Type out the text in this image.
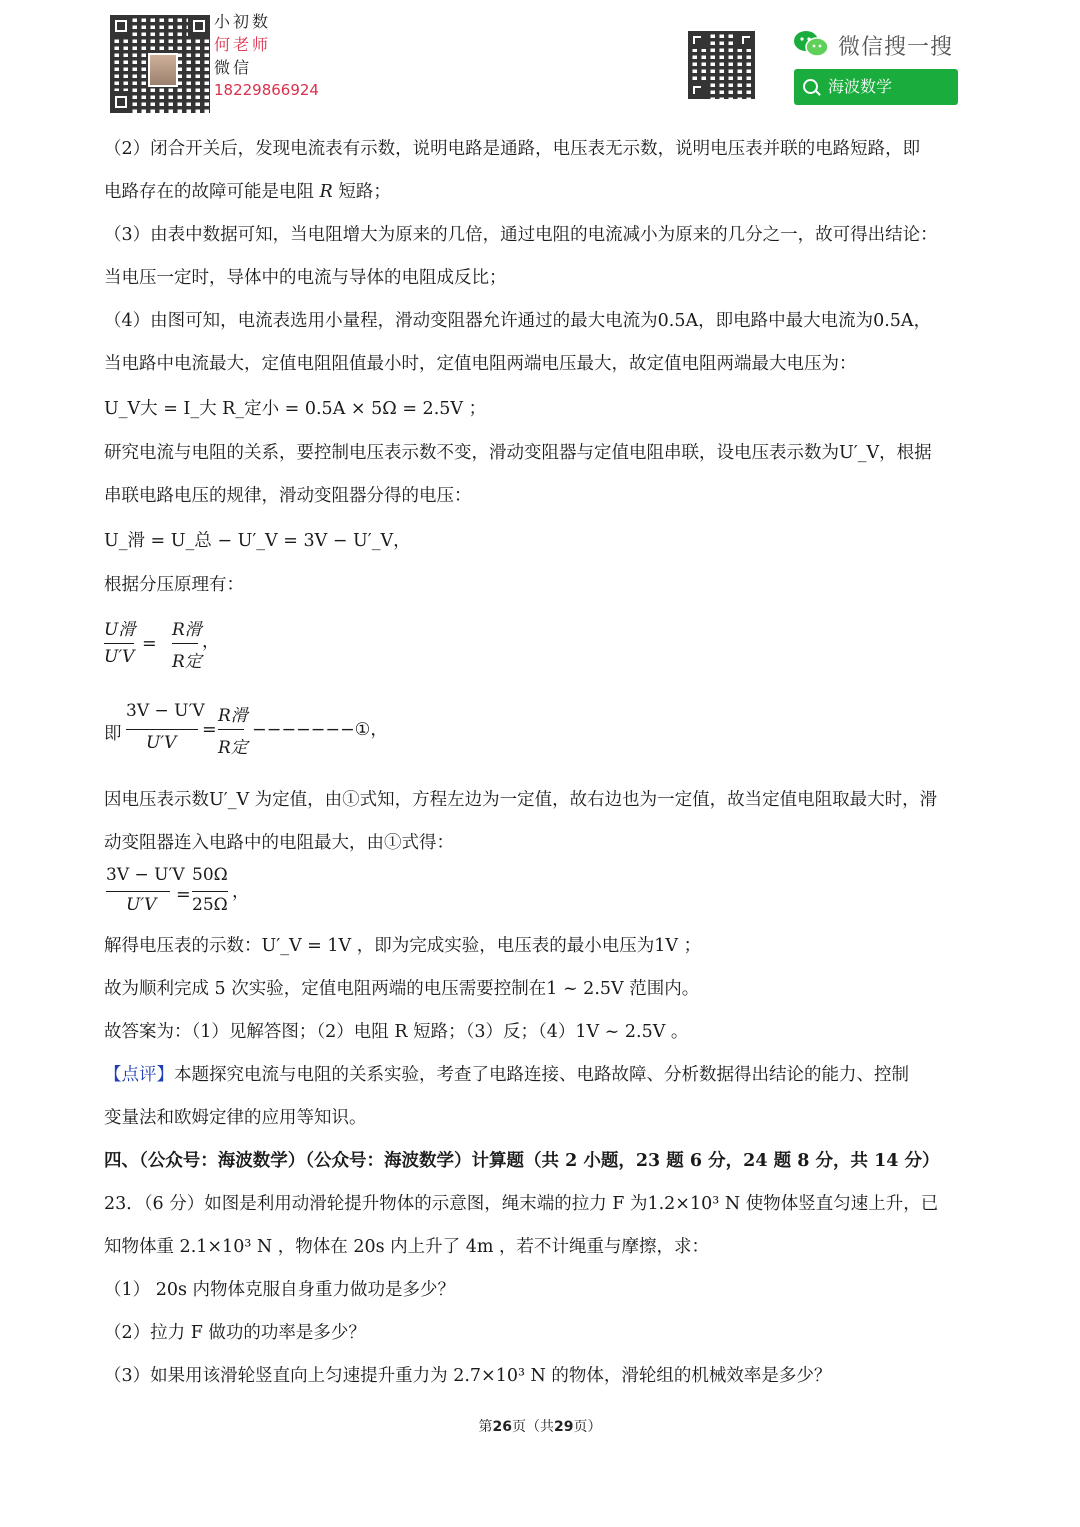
小初数
何老师
微信
18229866924
微信搜一搜
海波数学

（2）闭合开关后，发现电流表有示数，说明电路是通路，电压表无示数，说明电压表并联的电路短路，即

电路存在的故障可能是电阻 R 短路；

（3）由表中数据可知，当电阻增大为原来的几倍，通过电阻的电流减小为原来的几分之一，故可得出结论：

当电压一定时，导体中的电流与导体的电阻成反比；

（4）由图可知，电流表选用小量程，滑动变阻器允许通过的最大电流为0.5A，即电路中最大电流为0.5A，

当电路中电流最大，定值电阻阻值最小时，定值电阻两端电压最大，故定值电阻两端最大电压为：

U_V大 = I_大 R_定小 = 0.5A × 5Ω = 2.5V ；

研究电流与电阻的关系，要控制电压表示数不变，滑动变阻器与定值电阻串联，设电压表示数为U′_V，根据

串联电路电压的规律，滑动变阻器分得的电压：

U_滑 = U_总 − U′_V = 3V − U′_V，

根据分压原理有：

U滑
U′V
=
R滑
R定
，
即
3V − U′V
U′V
=
R滑
R定
−−−−−−−①，

因电压表示数U′_V 为定值，由①式知，方程左边为一定值，故右边也为一定值，故当定值电阻取最大时，滑

动变阻器连入电路中的电阻最大，由①式得：

3V − U′V
U′V =
50Ω
25Ω
，

解得电压表的示数：U′_V = 1V ，即为完成实验，电压表的最小电压为1V ；

故为顺利完成 5 次实验，定值电阻两端的电压需要控制在1 ~ 2.5V 范围内。

故答案为：（1）见解答图；（2）电阻 R 短路；（3）反；（4）1V ~ 2.5V 。

【点评】本题探究电流与电阻的关系实验，考查了电路连接、电路故障、分析数据得出结论的能力、控制

变量法和欧姆定律的应用等知识。

四、（公众号：海波数学）（公众号：海波数学）计算题（共 2 小题，23 题 6 分，24 题 8 分，共 14 分）

23．（6 分）如图是利用动滑轮提升物体的示意图，绳末端的拉力 F 为1.2×10³ N 使物体竖直匀速上升，已

知物体重 2.1×10³ N ，物体在 20s 内上升了 4m ，若不计绳重与摩擦，求：

（1） 20s 内物体克服自身重力做功是多少？

（2）拉力 F 做功的功率是多少？

（3）如果用该滑轮竖直向上匀速提升重力为 2.7×10³ N 的物体，滑轮组的机械效率是多少？

第26页（共29页）
